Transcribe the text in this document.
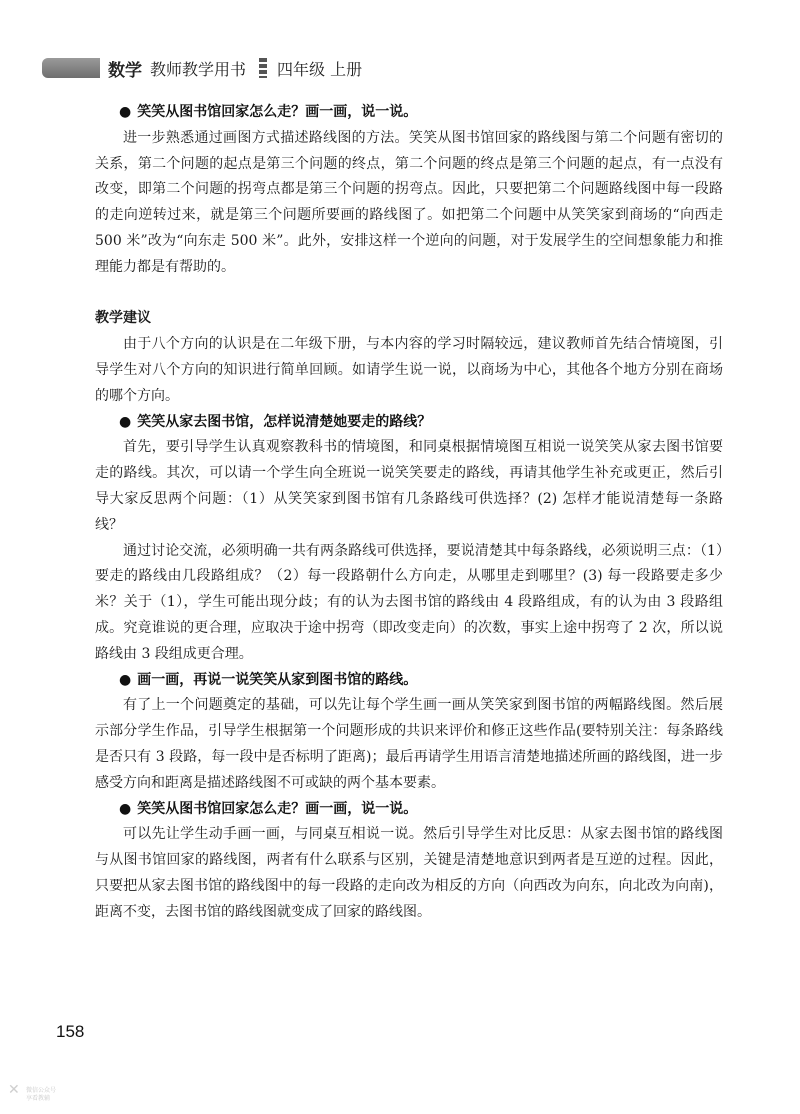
数学 教师教学用书 四年级 上册
● 笑笑从图书馆回家怎么走？画一画，说一说。
进一步熟悉通过画图方式描述路线图的方法。笑笑从图书馆回家的路线图与第二个问题有密切的关系，第二个问题的起点是第三个问题的终点，第二个问题的终点是第三个问题的起点，有一点没有改变，即第二个问题的拐弯点都是第三个问题的拐弯点。因此，只要把第二个问题路线图中每一段路的走向逆转过来，就是第三个问题所要画的路线图了。如把第二个问题中从笑笑家到商场的“向西走 500 米”改为“向东走 500 米”。此外，安排这样一个逆向的问题，对于发展学生的空间想象能力和推理能力都是有帮助的。
教学建议
由于八个方向的认识是在二年级下册，与本内容的学习时隔较远，建议教师首先结合情境图，引导学生对八个方向的知识进行简单回顾。如请学生说一说，以商场为中心，其他各个地方分别在商场的哪个方向。
● 笑笑从家去图书馆，怎样说清楚她要走的路线？
首先，要引导学生认真观察教科书的情境图，和同桌根据情境图互相说一说笑笑从家去图书馆要走的路线。其次，可以请一个学生向全班说一说笑笑要走的路线，再请其他学生补充或更正，然后引导大家反思两个问题：（1）从笑笑家到图书馆有几条路线可供选择？(2) 怎样才能说清楚每一条路线？
通过讨论交流，必须明确一共有两条路线可供选择，要说清楚其中每条路线，必须说明三点：（1）要走的路线由几段路组成？（2）每一段路朝什么方向走，从哪里走到哪里？(3) 每一段路要走多少米？关于（1），学生可能出现分歧；有的认为去图书馆的路线由 4 段路组成，有的认为由 3 段路组成。究竟谁说的更合理，应取决于途中拐弯（即改变走向）的次数，事实上途中拐弯了 2 次，所以说路线由 3 段组成更合理。
● 画一画，再说一说笑笑从家到图书馆的路线。
有了上一个问题奠定的基础，可以先让每个学生画一画从笑笑家到图书馆的两幅路线图。然后展示部分学生作品，引导学生根据第一个问题形成的共识来评价和修正这些作品(要特别关注：每条路线是否只有 3 段路，每一段中是否标明了距离)；最后再请学生用语言清楚地描述所画的路线图，进一步感受方向和距离是描述路线图不可或缺的两个基本要素。
● 笑笑从图书馆回家怎么走？画一画，说一说。
可以先让学生动手画一画，与同桌互相说一说。然后引导学生对比反思：从家去图书馆的路线图与从图书馆回家的路线图，两者有什么联系与区别，关键是清楚地意识到两者是互逆的过程。因此，只要把从家去图书馆的路线图中的每一段路的走向改为相反的方向（向西改为向东，向北改为向南)，距离不变，去图书馆的路线图就变成了回家的路线图。
158
✕ 微信公众号
享看教辅
